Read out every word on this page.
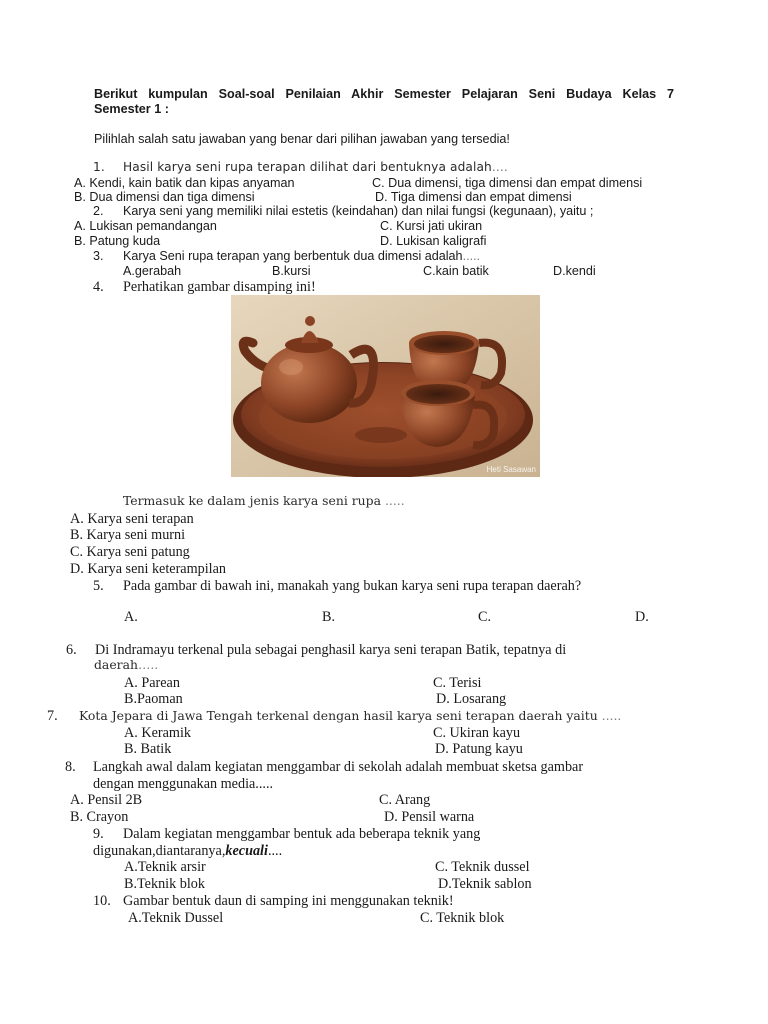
Berikut kumpulan Soal-soal Penilaian Akhir Semester Pelajaran Seni Budaya Kelas 7
Semester 1 :
Pilihlah salah satu jawaban yang benar dari pilihan jawaban yang tersedia!
1. Hasil karya seni rupa terapan dilihat dari bentuknya adalah....
A. Kendi, kain batik dan kipas anyaman	C. Dua dimensi, tiga dimensi dan empat dimensi
B. Dua dimensi dan tiga dimensi	D. Tiga dimensi dan empat dimensi
2. Karya seni yang memiliki nilai estetis (keindahan) dan nilai fungsi (kegunaan), yaitu ;
A. Lukisan pemandangan	C. Kursi jati ukiran
B. Patung kuda	D. Lukisan kaligrafi
3. Karya Seni rupa terapan yang berbentuk dua dimensi adalah.....
A.gerabah	B.kursi	C.kain batik	D.kendi
4. Perhatikan gambar disamping ini!
Heti Sasawan
Termasuk ke dalam jenis karya seni rupa .....
A. Karya seni terapan
B. Karya seni murni
C. Karya seni patung
D. Karya seni keterampilan
5. Pada gambar di bawah ini, manakah yang bukan karya seni rupa terapan daerah?
A.	B.	C.	D.
6. Di Indramayu terkenal pula sebagai penghasil karya seni terapan Batik, tepatnya di
daerah…..
A. Parean	C. Terisi
B.Paoman	D. Losarang
7. Kota Jepara di Jawa Tengah terkenal dengan hasil karya seni terapan daerah yaitu .....
A. Keramik	C. Ukiran kayu
B. Batik	D. Patung kayu
8. Langkah awal dalam kegiatan menggambar di sekolah adalah membuat sketsa gambar
dengan menggunakan media.....
A. Pensil 2B	C. Arang
B. Crayon	D. Pensil warna
9. Dalam kegiatan menggambar bentuk ada beberapa teknik yang
digunakan,diantaranya,kecuali....
A.Teknik arsir	C. Teknik dussel
B.Teknik blok	D.Teknik sablon
10. Gambar bentuk daun di samping ini menggunakan teknik!
A.Teknik Dussel	C. Teknik blok
